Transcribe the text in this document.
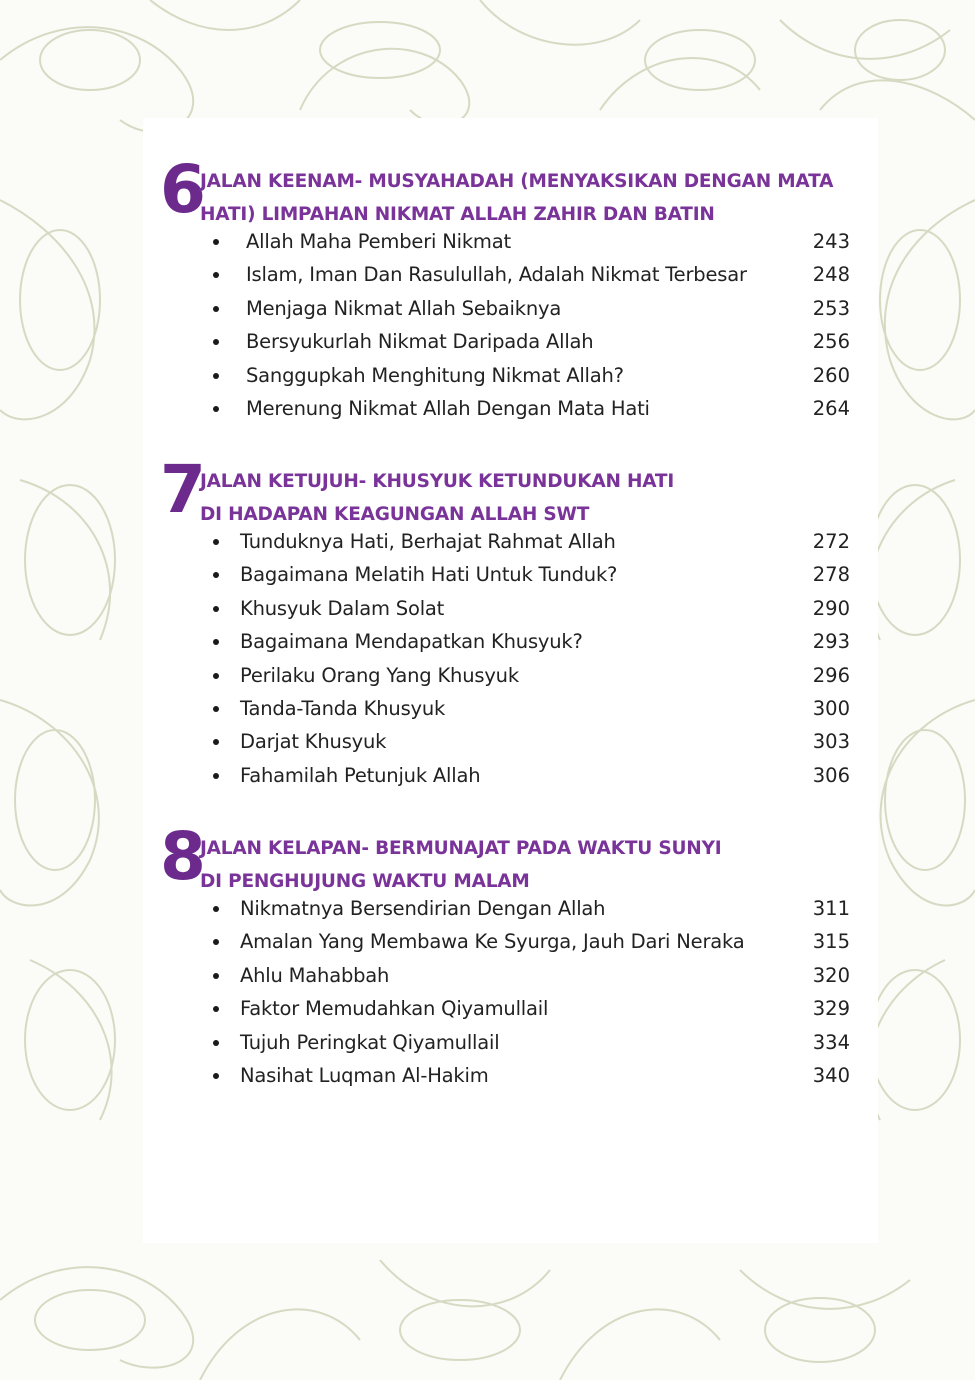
6
JALAN KEENAM- MUSYAHADAH (MENYAKSIKAN DENGAN MATA
HATI) LIMPAHAN NIKMAT ALLAH ZAHIR DAN BATIN
Allah Maha Pemberi Nikmat	243
Islam, Iman Dan Rasulullah, Adalah Nikmat Terbesar	248
Menjaga Nikmat Allah Sebaiknya	253
Bersyukurlah Nikmat Daripada Allah	256
Sanggupkah Menghitung Nikmat Allah?	260
Merenung Nikmat Allah Dengan Mata Hati	264
7
JALAN KETUJUH- KHUSYUK KETUNDUKAN HATI
DI HADAPAN KEAGUNGAN ALLAH SWT
Tunduknya Hati, Berhajat Rahmat Allah	272
Bagaimana Melatih Hati Untuk Tunduk?	278
Khusyuk Dalam Solat	290
Bagaimana Mendapatkan Khusyuk?	293
Perilaku Orang Yang Khusyuk	296
Tanda-Tanda Khusyuk	300
Darjat Khusyuk	303
Fahamilah Petunjuk Allah	306
8
JALAN KELAPAN- BERMUNAJAT PADA WAKTU SUNYI
DI PENGHUJUNG WAKTU MALAM
Nikmatnya Bersendirian Dengan Allah	311
Amalan Yang Membawa Ke Syurga, Jauh Dari Neraka	315
Ahlu Mahabbah	320
Faktor Memudahkan Qiyamullail	329
Tujuh Peringkat Qiyamullail	334
Nasihat Luqman Al-Hakim	340
